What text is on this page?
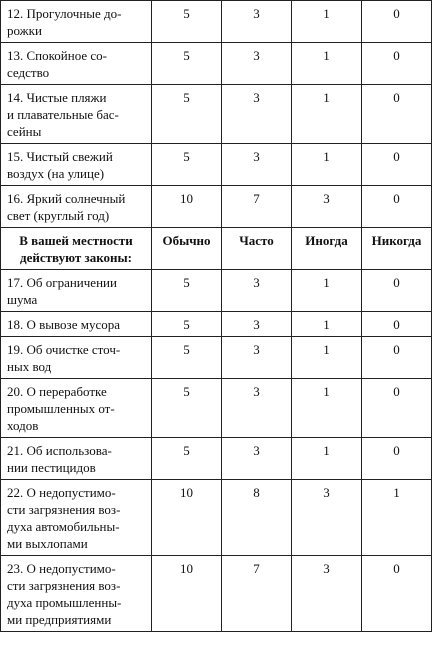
12. Прогулочные до-
рожки	5	3	1	0
13. Спокойное со-
седство	5	3	1	0
14. Чистые пляжи
и плавательные бас-
сейны	5	3	1	0
15. Чистый свежий
воздух (на улице)	5	3	1	0
16. Яркий солнечный
свет (круглый год)	10	7	3	0
В вашей местности
действуют законы:	Обычно	Часто	Иногда	Никогда
17. Об ограничении
шума	5	3	1	0
18. О вывозе мусора	5	3	1	0
19. Об очистке сточ-
ных вод	5	3	1	0
20. О переработке
промышленных от-
ходов	5	3	1	0
21. Об использова-
нии пестицидов	5	3	1	0
22. О недопустимо-
сти загрязнения воз-
духа автомобильны-
ми выхлопами	10	8	3	1
23. О недопустимо-
сти загрязнения воз-
духа промышленны-
ми предприятиями	10	7	3	0
